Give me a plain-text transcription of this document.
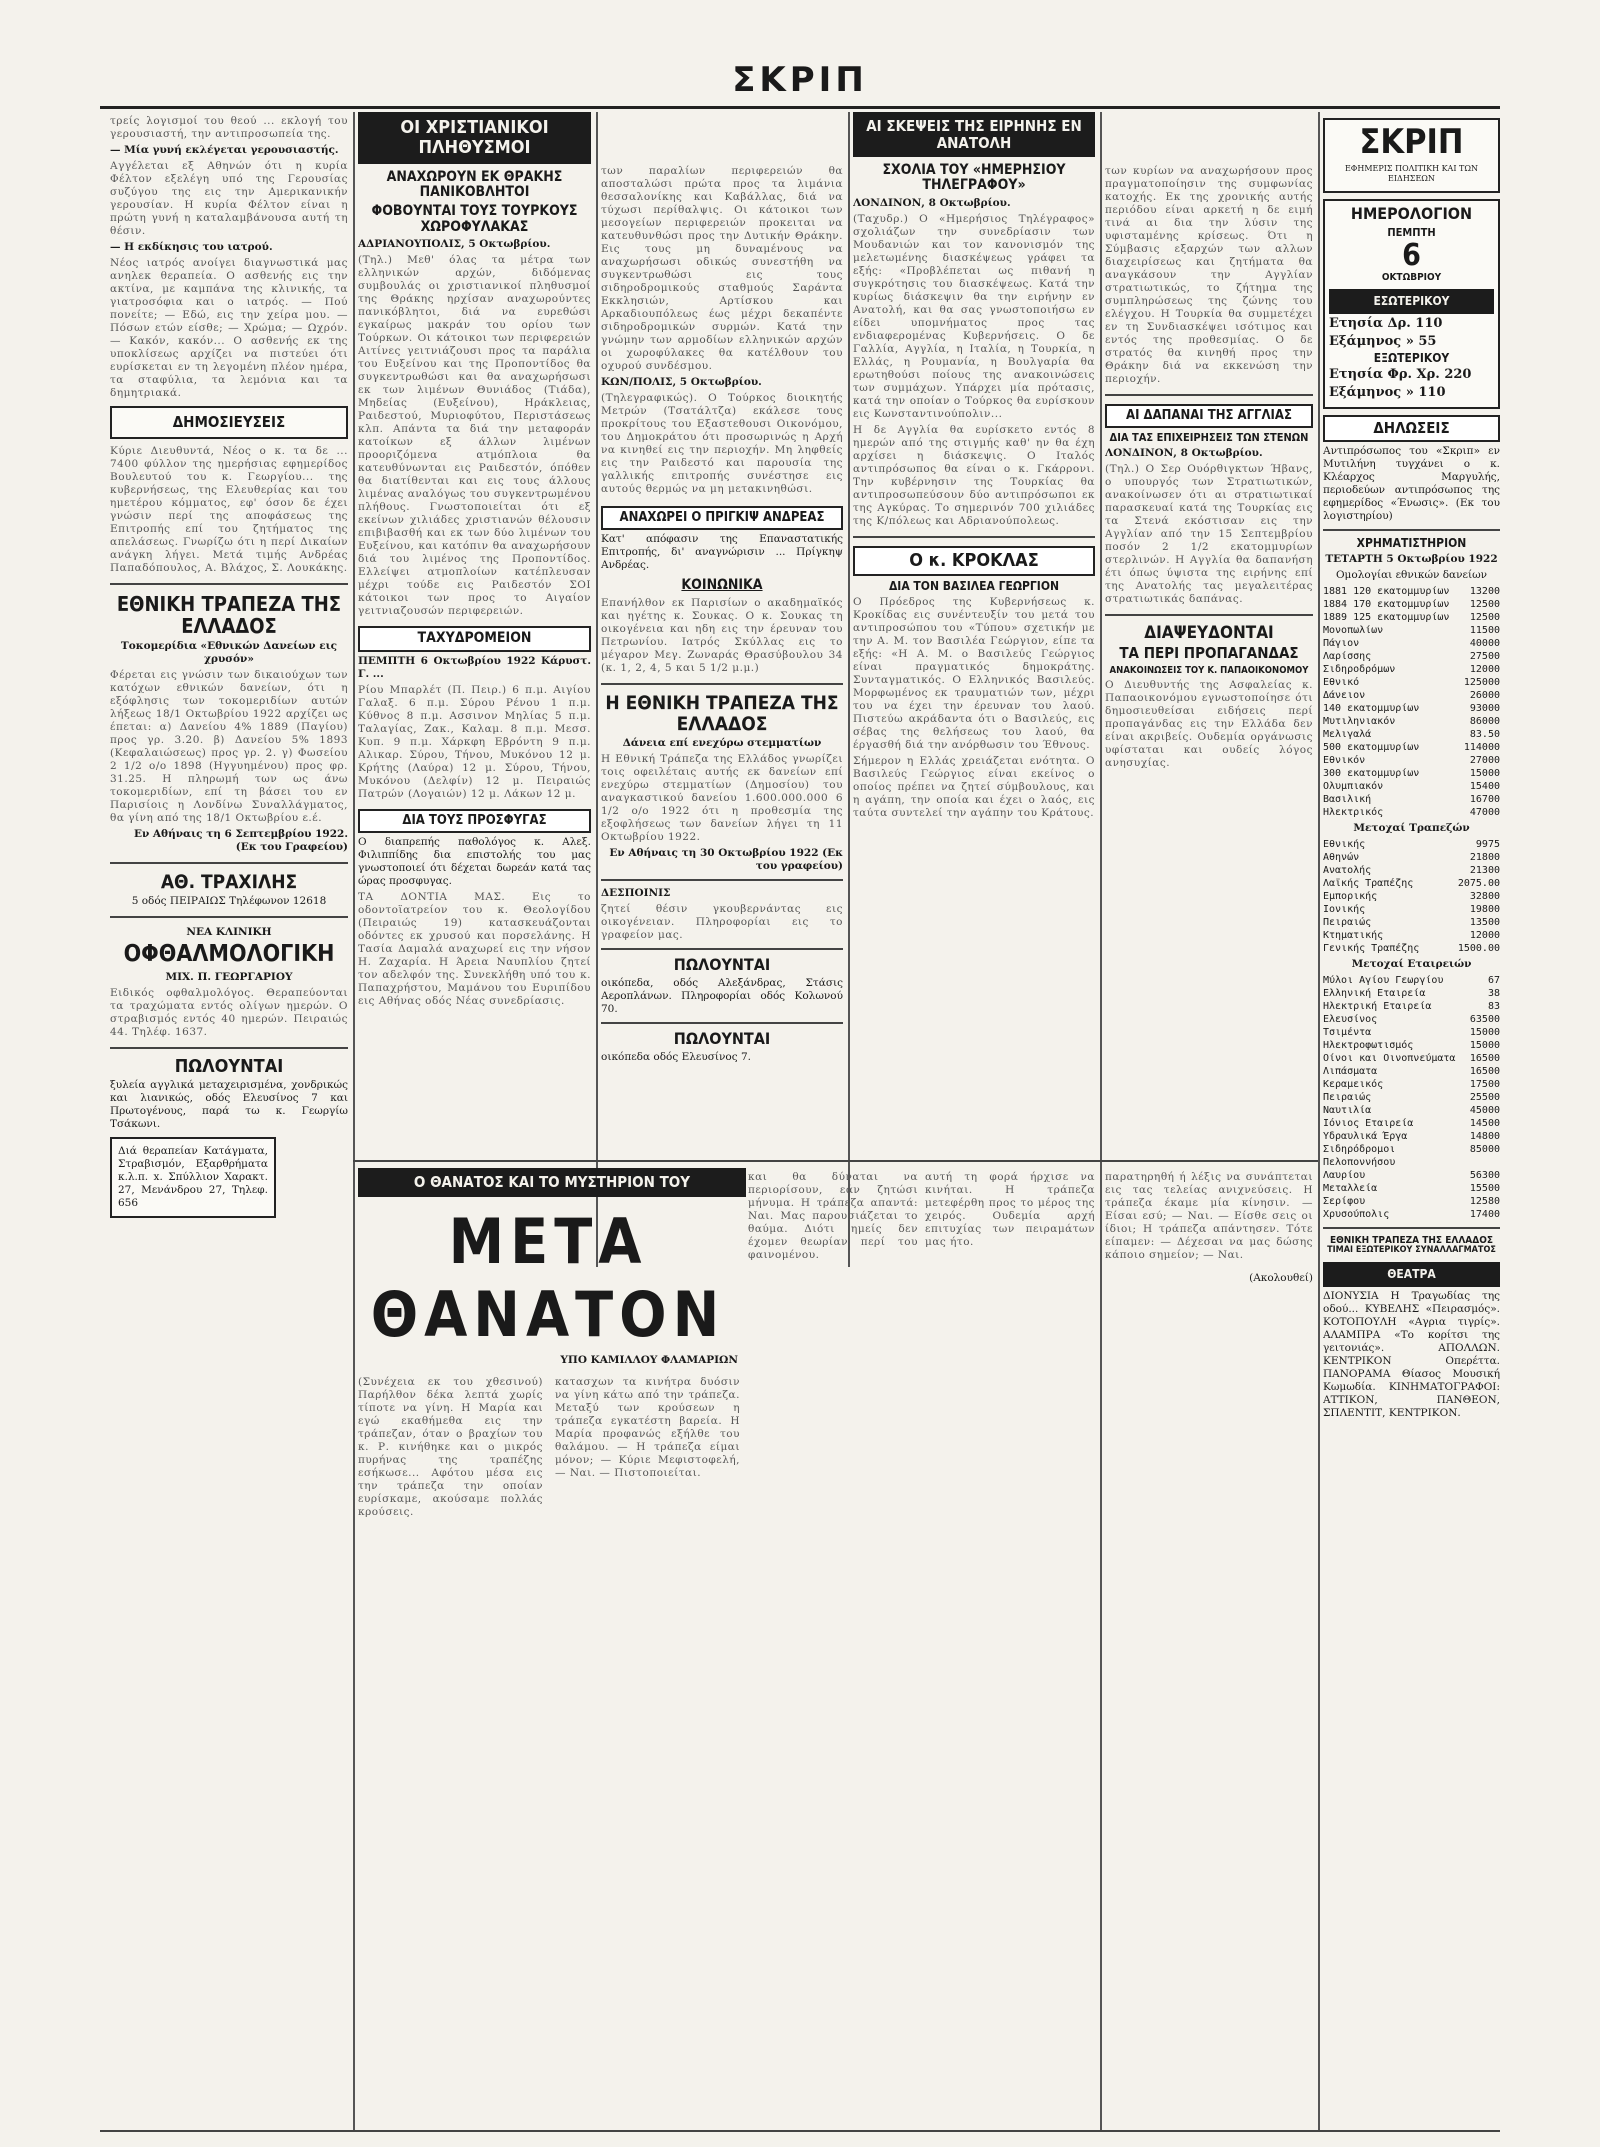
ΣΚΡΙΠ
τρείς λογισμοί του θεού ... εκλογή του γερουσιαστή, την αντιπροσωπεία της.
— Μία γυνή εκλέγεται γερουσιαστής.
Αγγέλεται εξ Αθηνών ότι η κυρία Φέλτον εξελέγη υπό της Γερουσίας συζύγου της εις την Αμερικανικήν γερουσίαν. Η κυρία Φέλτον είναι η πρώτη γυνή η καταλαμβάνουσα αυτή τη θέσιν.
— Η εκδίκησις του ιατρού.
Νέος ιατρός ανοίγει διαγνωστικά μας ανηλεκ θεραπεία. Ο ασθενής εις την ακτίνα, με καμπάνα της κλινικής, τα γιατροσόφια και ο ιατρός. — Πού πονείτε; — Εδώ, εις την χείρα μου. — Πόσων ετών είσθε; — Χρώμα; — Ωχρόν. — Κακόν, κακόν... Ο ασθενής εκ της υποκλίσεως αρχίζει να πιστεύει ότι ευρίσκεται εν τη λεγομένη πλέον ημέρα, τα σταφύλια, τα λεμόνια και τα δημητριακά.
ΔΗΜΟΣΙΕΥΣΕΙΣ
Κύριε Διευθυντά, Νέος ο κ. τα δε ... 7400 φύλλον της ημερήσιας εφημερίδος Βουλευτού του κ. Γεωργίου... της κυβερνήσεως, της Ελευθερίας και του ημετέρου κόμματος, εφ' όσον δε έχει γνώσιν περί της αποφάσεως της Επιτροπής επί του ζητήματος της απελάσεως. Γνωρίζω ότι η περί Δικαίων ανάγκη λήγει. Μετά τιμής Ανδρέας Παπαδόπουλος, Α. Βλάχος, Σ. Λουκάκης.
ΕΘΝΙΚΗ ΤΡΑΠΕΖΑ ΤΗΣ ΕΛΛΑΔΟΣ
Τοκομερίδια «Εθνικών Δανείων εις χρυσόν»
Φέρεται εις γνώσιν των δικαιούχων των κατόχων εθνικών δανείων, ότι η εξόφλησις των τοκομεριδίων αυτών λήξεως 18/1 Οκτωβρίου 1922 αρχίζει ως έπεται: α) Δανείου 4% 1889 (Παγίου) προς γρ. 3.20. β) Δανείου 5% 1893 (Κεφαλαιώσεως) προς γρ. 2. γ) Φωσείου 2 1/2 ο/ο 1898 (Ηγγυημένου) προς φρ. 31.25. Η πληρωμή των ως άνω τοκομεριδίων, επί τη βάσει του εν Παρισίοις η Λονδίνω Συναλλάγματος, θα γίνη από της 18/1 Οκτωβρίου ε.έ.
Εν Αθήναις τη 6 Σεπτεμβρίου 1922. (Εκ του Γραφείου)
ΑΘ. ΤΡΑΧΙΛΗΣ
5 οδός ΠΕΙΡΑΙΩΣ Τηλέφωνον 12618
ΝΕΑ ΚΛΙΝΙΚΗ
ΟΦΘΑΛΜΟΛΟΓΙΚΗ
ΜΙΧ. Π. ΓΕΩΡΓΑΡΙΟΥ
Ειδικός οφθαλμολόγος. Θεραπεύονται τα τραχώματα εντός ολίγων ημερών. Ο στραβισμός εντός 40 ημερών. Πειραιώς 44. Τηλέφ. 1637.
ΠΩΛΟΥΝΤΑΙ
ξυλεία αγγλικά μεταχειρισμένα, χονδρικώς και λιανικώς, οδός Ελευσίνος 7 και Πρωτογένους, παρά τω κ. Γεωργίω Τσάκωνι.
Διά θεραπείαν Κατάγματα, Στραβισμόν, Εξαρθρήματα κ.λ.π. x. Σπύλλιον Χαρακτ. 27, Μενάνδρου 27, Τηλεφ. 656
ΟΙ ΧΡΙΣΤΙΑΝΙΚΟΙ ΠΛΗΘΥΣΜΟΙ
ΑΝΑΧΩΡΟΥΝ ΕΚ ΘΡΑΚΗΣ ΠΑΝΙΚΟΒΛΗΤΟΙ
ΦΟΒΟΥΝΤΑΙ ΤΟΥΣ ΤΟΥΡΚΟΥΣ ΧΩΡΟΦΥΛΑΚΑΣ
ΑΔΡΙΑΝΟΥΠΟΛΙΣ, 5 Οκτωβρίου.
(Τηλ.) Μεθ' όλας τα μέτρα των ελληνικών αρχών, διδόμενας συμβουλάς οι χριστιανικοί πληθυσμοί της Θράκης ηρχίσαν αναχωρούντες πανικόβλητοι, διά να ευρεθώσι εγκαίρως μακράν του ορίου των Τούρκων. Οι κάτοικοι των περιφερειών Αιτίνες γειτνιάζουσι προς τα παράλια του Ευξείνου και της Προποντίδος θα συγκεντρωθώσι και θα αναχωρήσωσι εκ των λιμένων Θυνιάδος (Τιάδα), Μηδείας (Ευξείνου), Ηράκλειας, Ραιδεστού, Μυριοφύτου, Περιστάσεως κλπ. Απάντα τα διά την μεταφοράν κατοίκων εξ άλλων λιμένων προοριζόμενα ατμόπλοια θα κατευθύνωνται εις Ραιδεστόν, όπόθεν θα διατίθενται και εις τους άλλους λιμένας αναλόγως του συγκεντρωμένου πλήθους. Γνωστοποιείται ότι εξ εκείνων χιλιάδες χριστιανών θέλουσιν επιβιβασθή και εκ των δύο λιμένων του Ευξείνου, και κατόπιν θα αναχωρήσουν διά του λιμένος της Προποντίδος. Ελλείψει ατμοπλοίων κατέπλευσαν μέχρι τούδε εις Ραιδεστόν ΣΟΙ κάτοικοι των προς το Αιγαίον γειτνιαζουσών περιφερειών.
ΤΑΧΥΔΡΟΜΕΙΟΝ
ΠΕΜΠΤΗ 6 Οκτωβρίου 1922 Κάρυστ. Γ. ...
Ρίου Μπαρλέτ (Π. Πειρ.) 6 π.μ. Αιγίου Γαλαξ. 6 π.μ. Σύρου Ρένου 1 π.μ. Κύθνος 8 π.μ. Ασσινον Μηλίας 5 π.μ. Ταλαγίας, Ζακ., Καλαμ. 8 π.μ. Μεσσ. Κυπ. 9 π.μ. Χάρκφη Εβρόντη 9 π.μ. Αλικαρ. Σύρου, Τήνου, Μυκόνου 12 μ. Κρήτης (Λαύρα) 12 μ. Σύρου, Τήνου, Μυκόνου (Δελφίν) 12 μ. Πειραιώς Πατρών (Λογαιών) 12 μ. Λάκων 12 μ.
ΔΙΑ ΤΟΥΣ ΠΡΟΣΦΥΓΑΣ
Ο διαπρεπής παθολόγος κ. Αλεξ. Φιλιππίδης δια επιστολής του μας γνωστοποιεί ότι δέχεται δωρεάν κατά τας ώρας προσφυγας.
ΤΑ ΔΟΝΤΙΑ ΜΑΣ. Εις το οδοντοϊατρείον του κ. Θεολογίδου (Πειραιώς 19) κατασκευάζονται οδόντες εκ χρυσού και πορσελάνης. Η Τασία Δαμαλά αναχωρεί εις την νήσον Η. Ζαχαρία. Η Άρεια Ναυπλίου ζητεί τον αδελφόν της. Συνεκλήθη υπό του κ. Παπαχρήστου, Μαμάνου του Ευριπίδου εις Αθήνας οδός Νέας συνεδρίασις.
των παραλίων περιφερειών θα αποσταλώσι πρώτα προς τα λιμάνια θεσσαλονίκης και Καβάλλας, διά να τύχωσι περίθαλψις. Οι κάτοικοι των μεσογείων περιφερειών προκειται να κατευθυνθώσι προς την Δυτικήν Θράκην. Εις τους μη δυναμένους να αναχωρήσωσι οδικώς συνεστήθη να συγκεντρωθώσι εις τους σιδηροδρομικούς σταθμούς Σαράντα Εκκλησιών, Αρτίσκου και Αρκαδιουπόλεως έως μέχρι δεκαπέντε σιδηροδρομικών συρμών. Κατά την γνώμην των αρμοδίων ελληνικών αρχών οι χωροφύλακες θα κατέλθουν του οχυρού συνδέσμου.
ΚΩΝ/ΠΟΛΙΣ, 5 Οκτωβρίου.
(Τηλεγραφικώς). Ο Τούρκος διοικητής Μετρών (Τσατάλτζα) εκάλεσε τους προκρίτους του Εξαστεθουσι Οικονόμου, του Δημοκράτου ότι προσωρινώς η Αρχή να κινηθεί εις την περιοχήν. Μη ληφθείς εις την Ραιδεστό και παρουσία της γαλλικής επιτροπής συνέστησε εις αυτούς θερμώς να μη μετακινηθώσι.
ΑΝΑΧΩΡΕΙ Ο ΠΡΙΓΚΙΨ ΑΝΔΡΕΑΣ
Κατ' απόφασιν της Επαναστατικής Επιτροπής, δι' αναγνώρισιν ... Πρίγκηψ Ανδρέας.
ΚΟΙΝΩΝΙΚΑ
Επανήλθον εκ Παρισίων ο ακαδημαϊκός και ηγέτης κ. Σουκας. Ο κ. Σουκας τη οικογένεια και ηδη εις την έρευναν του Πετρωνίου. Ιατρός Σκύλλας εις το μέγαρον Μεγ. Ζωναράς Θρασύβουλου 34 (κ. 1, 2, 4, 5 και 5 1/2 μ.μ.)
Η ΕΘΝΙΚΗ ΤΡΑΠΕΖΑ ΤΗΣ ΕΛΛΑΔΟΣ
Δάνεια επί ενεχύρω στεμματίων
Η Εθνική Τράπεζα της Ελλάδος γνωρίζει τοις οφειλέταις αυτής εκ δανείων επί ενεχύρω στεμματίων (Δημοσίου) του αναγκαστικού δανείου 1.600.000.000 6 1/2 ο/ο 1922 ότι η προθεσμία της εξοφλήσεως των δανείων λήγει τη 11 Οκτωβρίου 1922.
Εν Αθήναις τη 30 Οκτωβρίου 1922 (Εκ του γραφείου)
ΔΕΣΠΟΙΝΙΣ
ζητεί θέσιν γκουβερνάντας εις οικογένειαν. Πληροφορίαι εις το γραφείον μας.
ΠΩΛΟΥΝΤΑΙ
οικόπεδα, οδός Αλεξάνδρας, Στάσις Αεροπλάνων. Πληροφορίαι οδός Κολωνού 70.
ΠΩΛΟΥΝΤΑΙ
οικόπεδα οδός Ελευσίνος 7.
ΑΙ ΣΚΕΨΕΙΣ ΤΗΣ ΕΙΡΗΝΗΣ ΕΝ ΑΝΑΤΟΛΗ
ΣΧΟΛΙΑ ΤΟΥ «ΗΜΕΡΗΣΙΟΥ ΤΗΛΕΓΡΑΦΟΥ»
ΛΟΝΔΙΝΟΝ, 8 Οκτωβρίου.
(Ταχυδρ.) Ο «Ημερήσιος Τηλέγραφος» σχολιάζων την συνεδρίασιν των Μουδανιών και τον κανονισμόν της μελετωμένης διασκέψεως γράφει τα εξής: «Προβλέπεται ως πιθανή η συγκρότησις του διασκέψεως. Κατά την κυρίως διάσκεψιν θα την ειρήνην εν Ανατολή, και θα σας γνωστοποιήσω εν είδει υπομνήματος προς τας ενδιαφερομένας Κυβερνήσεις. Ο δε Γαλλία, Αγγλία, η Ιταλία, η Τουρκία, η Ελλάς, η Ρουμανία, η Βουλγαρία θα ερωτηθούσι ποίους της ανακοινώσεις των συμμάχων. Υπάρχει μία πρότασις, κατά την οποίαν ο Τούρκος θα ευρίσκουν εις Κωνσταντινούπολιν...
Η δε Αγγλία θα ευρίσκετο εντός 8 ημερών από της στιγμής καθ' ην θα έχη αρχίσει η διάσκεψις. Ο Ιταλός αντιπρόσωπος θα είναι ο κ. Γκάρρονι. Την κυβέρνησιν της Τουρκίας θα αντιπροσωπεύσουν δύο αντιπρόσωποι εκ της Αγκύρας. Το σημερινόν 700 χιλιάδες της Κ/πόλεως και Αδριανούπολεως.
Ο κ. ΚΡΟΚΛΑΣ
ΔΙΑ ΤΟΝ ΒΑΣΙΛΕΑ ΓΕΩΡΓΙΟΝ
Ο Πρόεδρος της Κυβερνήσεως κ. Κροκίδας εις συνέντευξίν του μετά του αντιπροσώπου του «Τύπου» σχετικήν με την Α. Μ. τον Βασιλέα Γεώργιον, είπε τα εξής: «Η Α. Μ. ο Βασιλεύς Γεώργιος είναι πραγματικός δημοκράτης. Συνταγματικός. Ο Ελληνικός Βασιλεύς. Μορφωμένος εκ τραυματιών των, μέχρι του να έχει την έρευναν του λαού. Πιστεύω ακράδαντα ότι ο Βασιλεύς, εις σέβας της θελήσεως του λαού, θα έργασθή διά την ανόρθωσιν του Έθνους.
Σήμερον η Ελλάς χρειάζεται ενότητα. Ο Βασιλεύς Γεώργιος είναι εκείνος ο οποίος πρέπει να ζητεί σύμβουλους, και η αγάπη, την οποία και έχει ο λαός, εις ταύτα συντελεί την αγάπην του Κράτους.
των κυρίων να αναχωρήσουν προς πραγματοποίησιν της συμφωνίας κατοχής. Εκ της χρονικής αυτής περιόδου είναι αρκετή η δε ειμή τινά αι δια την λύσιν της υφισταμένης κρίσεως. Ότι η Σύμβασις εξαρχών των αλλων διαχειρίσεως και ζητήματα θα αναγκάσουν την Αγγλίαν στρατιωτικώς, το ζήτημα της συμπληρώσεως της ζώνης του ελέγχου. Η Τουρκία θα συμμετέχει εν τη Συνδιασκέψει ισότιμος και εντός της προθεσμίας. Ο δε στρατός θα κινηθή προς την Θράκην διά να εκκενώση την περιοχήν.
ΑΙ ΔΑΠΑΝΑΙ ΤΗΣ ΑΓΓΛΙΑΣ
ΔΙΑ ΤΑΣ ΕΠΙΧΕΙΡΗΣΕΙΣ ΤΩΝ ΣΤΕΝΩΝ
ΛΟΝΔΙΝΟΝ, 8 Οκτωβρίου.
(Τηλ.) Ο Σερ Ουόρθιγκτων Ήβανς, ο υπουργός των Στρατιωτικών, ανακοίνωσεν ότι αι στρατιωτικαί παρασκευαί κατά της Τουρκίας εις τα Στενά εκόστισαν εις την Αγγλίαν από την 15 Σεπτεμβρίου ποσόν 2 1/2 εκατομμυρίων στερλινών. Η Αγγλία θα δαπανήση έτι όπως ύψιστα της ειρήνης επί της Ανατολής τας μεγαλειτέρας στρατιωτικάς δαπάνας.
ΔΙΑΨΕΥΔΟΝΤΑΙ
ΤΑ ΠΕΡΙ ΠΡΟΠΑΓΑΝΔΑΣ
ΑΝΑΚΟΙΝΩΣΕΙΣ ΤΟΥ Κ. ΠΑΠΑΟΙΚΟΝΟΜΟΥ
Ο Διευθυντής της Ασφαλείας κ. Παπαοικονόμου εγνωστοποίησε ότι δημοσιευθείσαι ειδήσεις περί προπαγάνδας εις την Ελλάδα δεν είναι ακριβείς. Ουδεμία οργάνωσις υφίσταται και ουδείς λόγος ανησυχίας.
ΣΚΡΙΠ
ΕΦΗΜΕΡΙΣ ΠΟΛΙΤΙΚΗ ΚΑΙ ΤΩΝ ΕΙΔΗΣΕΩΝ
ΗΜΕΡΟΛΟΓΙΟΝ
ΠΕΜΠΤΗ
6
ΟΚΤΩΒΡΙΟΥ
ΕΣΩΤΕΡΙΚΟΥ
Ετησία Δρ. 110
Εξάμηνος » 55
ΕΞΩΤΕΡΙΚΟΥ
Ετησία Φρ. Χρ. 220
Εξάμηνος » 110
ΔΗΛΩΣΕΙΣ
Αντιπρόσωπος του «Σκριπ» εν Μυτιλήνη τυγχάνει ο κ. Κλέαρχος Μαργυλής, περιοδεύων αντιπρόσωπος της εφημερίδος «Ένωσις». (Εκ του λογιστηρίου)
ΧΡΗΜΑΤΙΣΤΗΡΙΟΝ
ΤΕΤΑΡΤΗ 5 Οκτωβρίου 1922
Ομολογίαι εθνικών δανείων
1881 120 εκατομμυρίων 13200
1884 170 εκατομμυρίων 12500
1889 125 εκατομμυρίων 12500
Μονοπωλίων	11500
Πάγιον	40000
Λαρίσσης	27500
Σιδηροδρόμων	12000
Εθνικό	125000
Δάνειον	26000
140 εκατομμυρίων	93000
Μυτιληνιακόν	86000
Μελιγαλά	83.50
500 εκατομμυρίων	114000
Εθνικόν	27000
300 εκατομμυρίων	15000
Ολυμπιακόν	15400
Βασιλική	16700
Ηλεκτρικός	47000
Μετοχαί Τραπεζών
Εθνικής	9975
Αθηνών	21800
Ανατολής	21300
Λαϊκής Τραπέζης	2075.00
Εμπορικής	32800
Ιονικής	19800
Πειραιώς	13500
Κτηματικής	12000
Γενικής Τραπέζης	1500.00
Μετοχαί Εταιρειών
Μύλοι Αγίου Γεωργίου	67
Ελληνική Εταιρεία	38
Ηλεκτρική Εταιρεία	83
Ελευσίνος	63500
Τσιμέντα	15000
Ηλεκτροφωτισμός	15000
Οίνοι και Οινοπνεύματα 16500
Λιπάσματα	16500
Κεραμεικός	17500
Πειραιώς	25500
Ναυτιλία	45000
Ιόνιος Εταιρεία	14500
Υδραυλικά Έργα	14800
Σιδηρόδρομοι Πελοποννήσου
85000
Λαυρίου	56300
Μεταλλεία	15500
Σερίφου	12580
Χρυσούπολις	17400
ΕΘΝΙΚΗ ΤΡΑΠΕΖΑ ΤΗΣ ΕΛΛΑΔΟΣ
ΤΙΜΑΙ ΕΞΩΤΕΡΙΚΟΥ ΣΥΝΑΛΛΑΓΜΑΤΟΣ
ΘΕΑΤΡΑ
ΔΙΟΝΥΣΙΑ Η Τραγωδίας της οδού... ΚΥΒΕΛΗΣ «Πειρασμός». ΚΟΤΟΠΟΥΛΗ «Αγρια τιγρίς». ΑΛΑΜΠΡΑ «Το κορίτσι της γειτονιάς». ΑΠΟΛΛΩΝ. ΚΕΝΤΡΙΚΟΝ Οπερέττα. ΠΑΝΟΡΑΜΑ Θίασος Μουσική Κωμωδία. ΚΙΝΗΜΑΤΟΓΡΑΦΟΙ: ΑΤΤΙΚΟΝ, ΠΑΝΘΕΟΝ, ΣΠΛΕΝΤΙΤ, ΚΕΝΤΡΙΚΟΝ.
Ο ΘΑΝΑΤΟΣ ΚΑΙ ΤΟ ΜΥΣΤΗΡΙΟΝ ΤΟΥ
ΜΕΤΑ ΘΑΝΑΤΟΝ
ΥΠΟ ΚΑΜΙΛΛΟΥ ΦΛΑΜΑΡΙΩΝ
(Συνέχεια εκ του χθεσινού) Παρήλθον δέκα λεπτά χωρίς τίποτε να γίνη. Η Μαρία και εγώ εκαθήμεθα εις την τράπεζαν, όταν ο βραχίων του κ. Ρ. κινήθηκε και ο μικρός πυρήνας της τραπέζης εσήκωσε... Αφότου μέσα εις την τράπεζα την οποίαν ευρίσκαμε, ακούσαμε πολλάς κρούσεις.
κατασχων τα κινήτρα δυόσιν να γίνη κάτω από την τράπεζα. Μεταξύ των κρούσεων η τράπεζα εγκατέστη βαρεία. Η Μαρία προφανώς εξήλθε του θαλάμου. — Η τράπεζα είμαι μόνον; — Κύριε Μεφιστοφελή, — Ναι. — Πιστοποιείται.
και θα δύναται να περιορίσουν, εάν ζητώσι μήνυμα. Η τράπεζα απαντά: Ναι. Μας παρουσιάζεται το θαύμα. Διότι ημείς δεν έχομεν θεωρίαν περί του φαινομένου.
αυτή τη φορά ήρχισε να κινήται. Η τράπεζα μετεφέρθη προς το μέρος της χειρός. Ουδεμία αρχή επιτυχίας των πειραμάτων μας ήτο.
παρατηρηθή ή λέξις να συνάπτεται εις τας τελείας ανιχνεύσεις. Η τράπεζα έκαμε μία κίνησιν. — Είσαι εσύ; — Ναι. — Είσθε σεις οι ίδιοι; Η τράπεζα απάντησεν. Τότε είπαμεν: — Δέχεσαι να μας δώσης κάποιο σημείον; — Ναι.
(Ακολουθεί)
